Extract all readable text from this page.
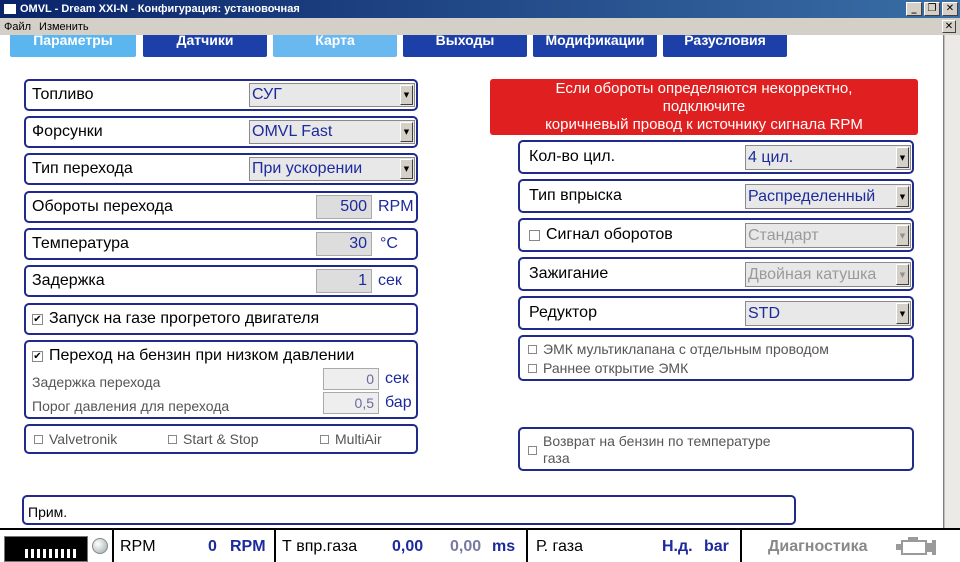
OMVL - Dream XXI-N - Конфигурация: установочная	_	❐ ✕
Файл Изменить	✕
Параметры	Датчики	Карта	Выходы	Модификации	Разусловия
Топливо	СУГ	▼
Форсунки	OMVL Fast	▼
Тип перехода	При ускорении	▼
Обороты перехода	500 RPM
Температура	30 °C
Задержка	1 сек
✔ Запуск на газе прогретого двигателя
✔ Переход на бензин при низком давлении
Задержка перехода	0 сек
Порог давления для перехода	0,5 бар
Valvetronik	Start & Stop	MultiAir
Если обороты определяются некорректно,
подключите
коричневый провод к источнику сигнала RPM
Кол-во цил.	4 цил.	▼
Тип впрыска	Распределенный	▼
Сигнал оборотов	Стандарт	▼
Зажигание	Двойная катушка	▼
Редуктор	STD	▼
ЭМК мультиклапана с отдельным проводом
Раннее открытие ЭМК
Возврат на бензин по температуре
газа
Прим.
RPM	0 RPM Т впр.газа 0,00 0,00 ms Р. газа	Н.д. bar Диагностика
